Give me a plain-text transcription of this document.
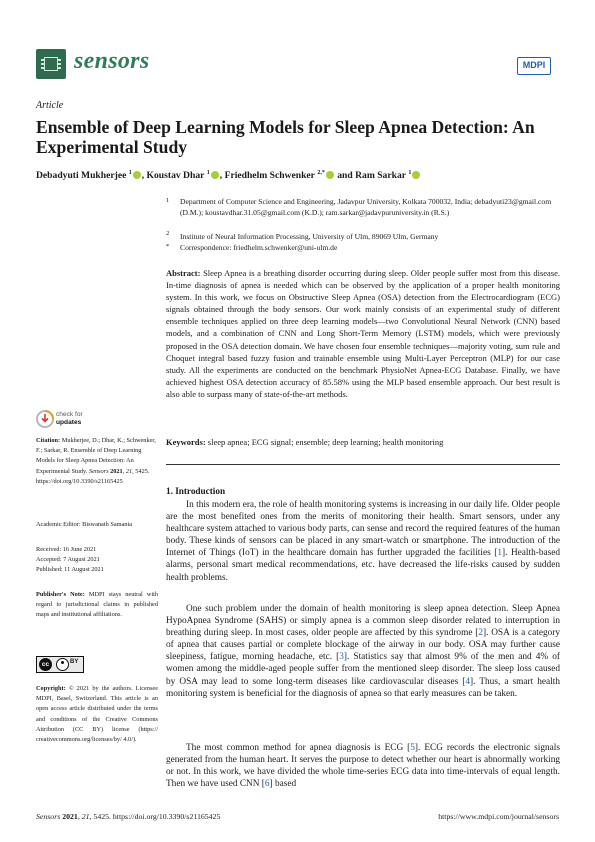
sensors	MDPI
Article
Ensemble of Deep Learning Models for Sleep Apnea Detection: An Experimental Study
Debadyuti Mukherjee $^1$ , Koustav Dhar $^1$ , Friedhelm Schwenker $^{2,*}$ and Ram Sarkar $^1$
1 Department of Computer Science and Engineering, Jadavpur University, Kolkata 700032, India; debadyuti23@gmail.com (D.M.); koustavdhar.31.05@gmail.com (K.D.); ram.sarkar@jadavpuruniversity.in (R.S.)
2 Institute of Neural Information Processing, University of Ulm, 89069 Ulm, Germany
* Correspondence: friedhelm.schwenker@uni-ulm.de
Abstract: Sleep Apnea is a breathing disorder occurring during sleep. Older people suffer most from this disease. In-time diagnosis of apnea is needed which can be observed by the application of a proper health monitoring system. In this work, we focus on Obstructive Sleep Apnea (OSA) detection from the Electrocardiogram (ECG) signals obtained through the body sensors. Our work mainly consists of an experimental study of different ensemble techniques applied on three deep learning models—two Convolutional Neural Network (CNN) based models, and a combination of CNN and Long Short-Term Memory (LSTM) models, which were previously proposed in the OSA detection domain. We have chosen four ensemble techniques—majority voting, sum rule and Choquet integral based fuzzy fusion and trainable ensemble using Multi-Layer Perceptron (MLP) for our case study. All the experiments are conducted on the benchmark PhysioNet Apnea-ECG Database. Finally, we have achieved highest OSA detection accuracy of 85.58% using the MLP based ensemble approach. Our best result is also able to surpass many of state-of-the-art methods.
Keywords: sleep apnea; ECG signal; ensemble; deep learning; health monitoring
check for
updates
Citation: Mukherjee, D.; Dhar, K.; Schwenker, F.; Sarkar, R. Ensemble of Deep Learning Models for Sleep Apnea Detection: An Experimental Study. Sensors 2021, 21, 5425. https://doi.org/10.3390/s21165425
Academic Editor: Biswanath Samanta
Received: 16 June 2021
Accepted: 7 August 2021
Published: 11 August 2021
Publisher's Note: MDPI stays neutral with regard to jurisdictional claims in published maps and institutional affiliations.
cc	BY
Copyright: © 2021 by the authors. Licensee MDPI, Basel, Switzerland. This article is an open access article distributed under the terms and conditions of the Creative Commons Attribution (CC BY) license (https:// creativecommons.org/licenses/by/ 4.0/).
1. Introduction
In this modern era, the role of health monitoring systems is increasing in our daily life. Older people are the most benefited ones from the merits of monitoring their health. Smart sensors, under any healthcare system attached to various body parts, can sense and record the required features of the human body. These kinds of sensors can be placed in any smart-watch or smartphone. The introduction of the Internet of Things (IoT) in the healthcare domain has further upgraded the facilities [1]. Health-based alarms, personal smart medical recommendations, etc. have decreased the life-risks caused by sudden health problems.
One such problem under the domain of health monitoring is sleep apnea detection. Sleep Apnea HypoApnea Syndrome (SAHS) or simply apnea is a common sleep disorder related to interruption in breathing during sleep. In most cases, older people are affected by this syndrome [2]. OSA is a category of apnea that causes partial or complete blockage of the airway in our body. OSA may further cause sleepiness, fatigue, morning headache, etc. [3]. Statistics say that almost 9% of the men and 4% of women among the middle-aged people suffer from the mentioned sleep disorder. The sleep loss caused by OSA may lead to some long-term diseases like cardiovascular diseases [4]. Thus, a smart health monitoring system is beneficial for the diagnosis of apnea so that early measures can be taken.
The most common method for apnea diagnosis is ECG [5]. ECG records the electronic signals generated from the human heart. It serves the purpose to detect whether our heart is abnormally working or not. In this work, we have divided the whole time-series ECG data into time-intervals of equal length. Then we have used CNN [6] based
Sensors 2021, 21, 5425. https://doi.org/10.3390/s21165425	https://www.mdpi.com/journal/sensors
